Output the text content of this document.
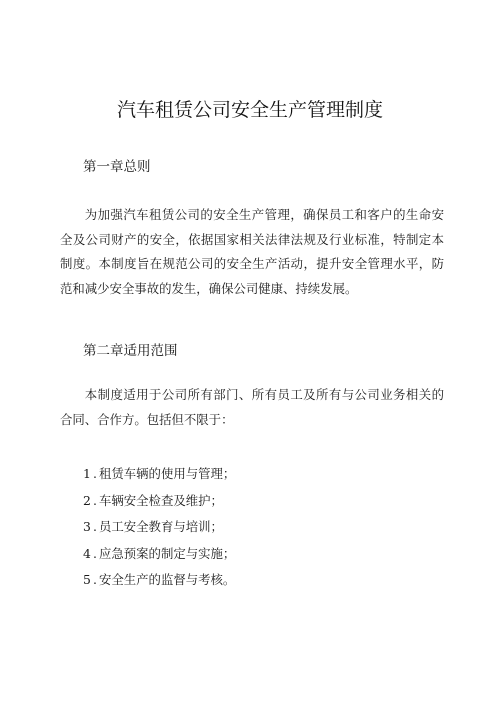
汽车租赁公司安全生产管理制度
第一章总则

为加强汽车租赁公司的安全生产管理，确保员工和客户的生命安全及公司财产的安全，依据国家相关法律法规及行业标准，特制定本制度。本制度旨在规范公司的安全生产活动，提升安全管理水平，防范和减少安全事故的发生，确保公司健康、持续发展。

第二章适用范围

本制度适用于公司所有部门、所有员工及所有与公司业务相关的合同、合作方。包括但不限于：

1 . 租赁车辆的使用与管理；
2 . 车辆安全检查及维护；
3 . 员工安全教育与培训；
4 . 应急预案的制定与实施；
5 . 安全生产的监督与考核。
